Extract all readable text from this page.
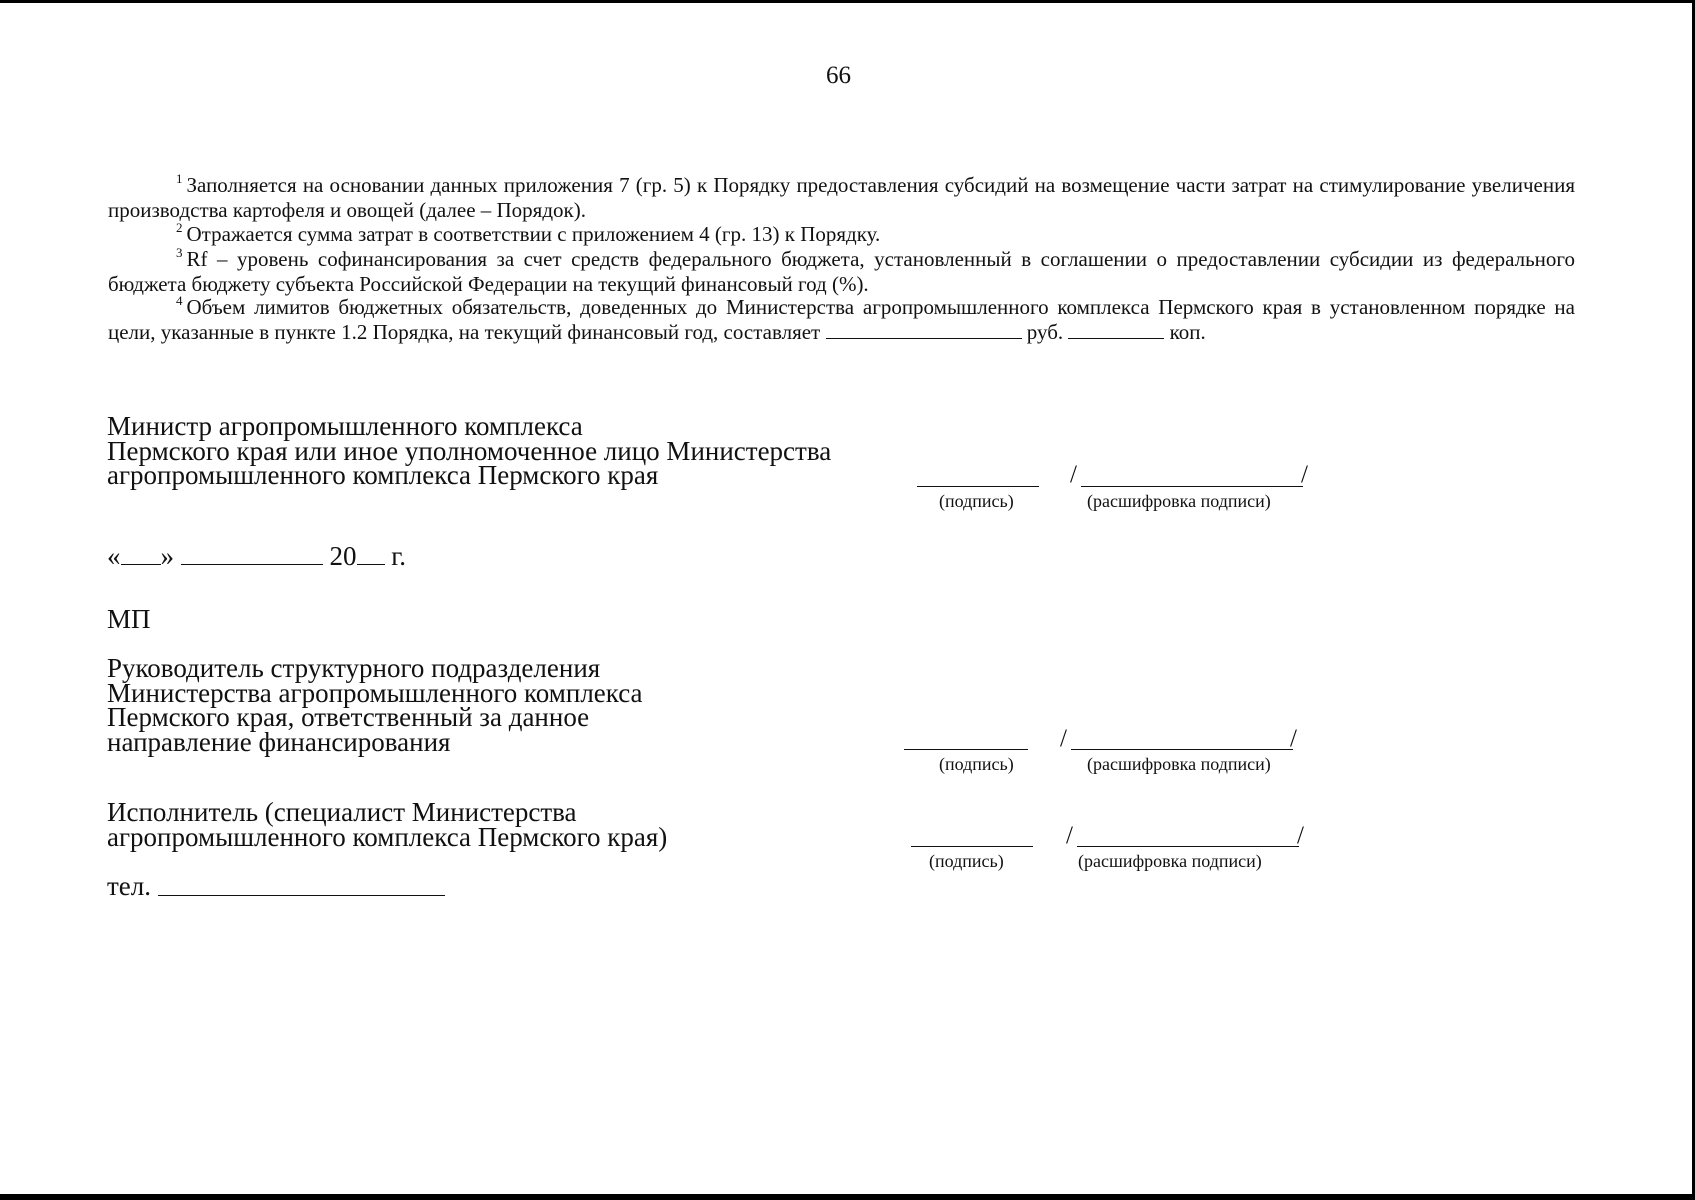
66

$^1$ Заполняется на основании данных приложения 7 (гр. 5) к Порядку предоставления субсидий на возмещение части затрат на стимулирование увеличения производства картофеля и овощей (далее – Порядок).

$^2$ Отражается сумма затрат в соответствии с приложением 4 (гр. 13) к Порядку.

$^3$ Rf – уровень софинансирования за счет средств федерального бюджета, установленный в соглашении о предоставлении субсидии из федерального бюджета бюджету субъекта Российской Федерации на текущий финансовый год (%).

$^4$ Объем лимитов бюджетных обязательств, доведенных до Министерства агропромышленного комплекса Пермского края в установленном порядке на цели, указанные в пункте 1.2 Порядка, на текущий финансовый год, составляет	руб.	коп.

Министр агропромышленного комплекса
Пермского края или иное уполномоченное лицо Министерства
агропромышленного комплекса Пермского края	/	/
(подпись)	(расшифровка подписи)
« »	20 г.
МП
Руководитель структурного подразделения
Министерства агропромышленного комплекса
Пермского края, ответственный за данное
направление финансирования	/	/
(подпись)	(расшифровка подписи)
Исполнитель (специалист Министерства
агропромышленного комплекса Пермского края)	/	/
(подпись)	(расшифровка подписи)
тел.
